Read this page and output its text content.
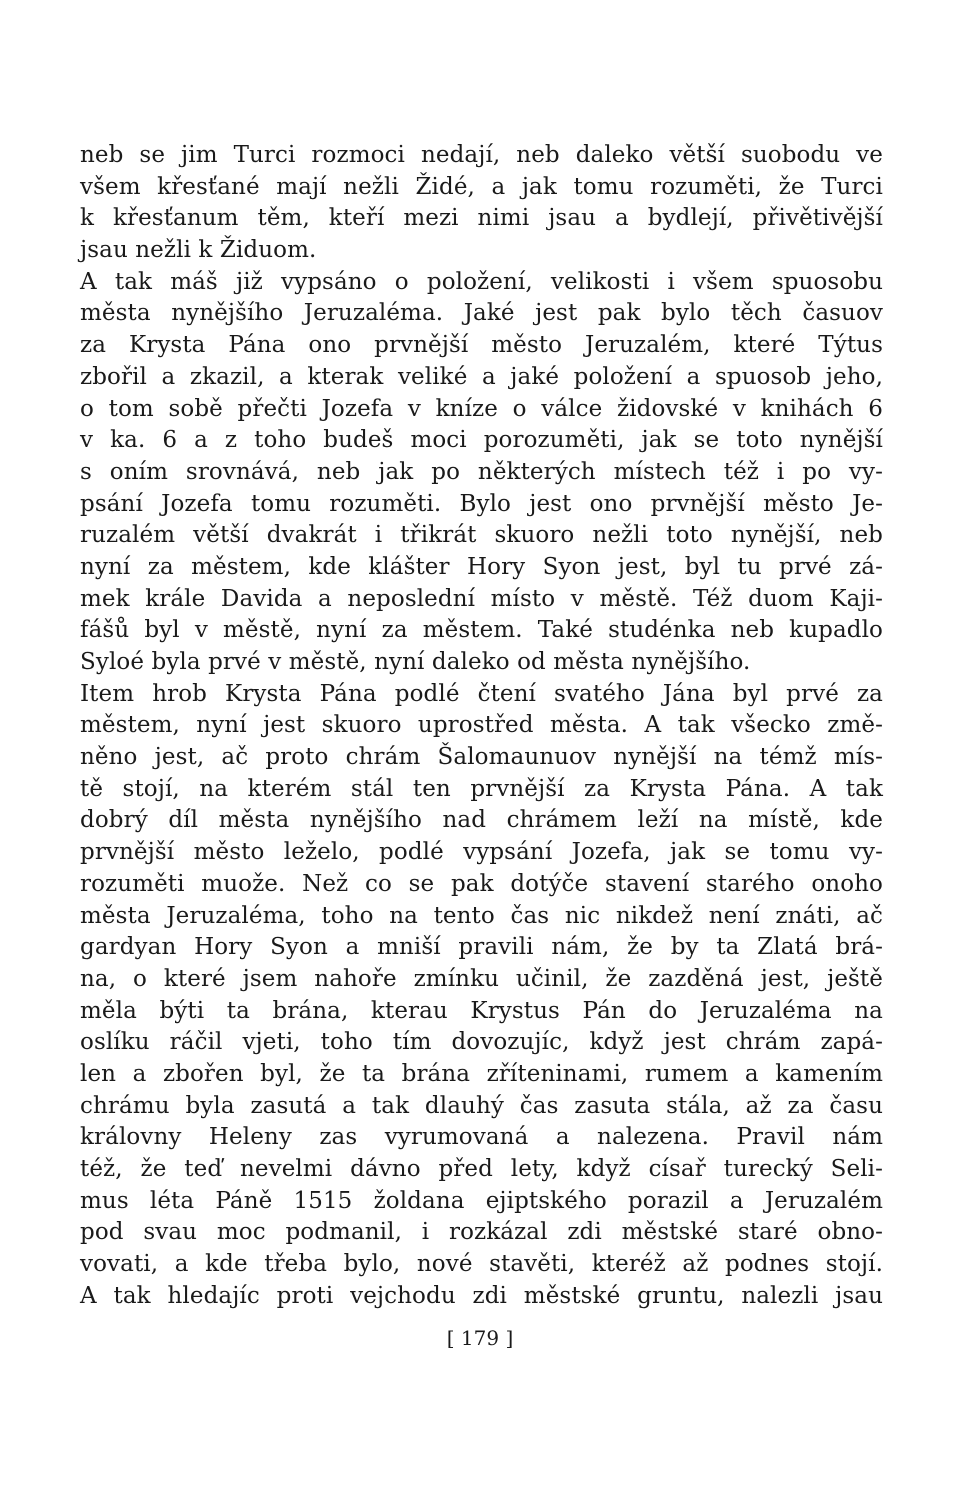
neb se jim Turci rozmoci nedají, neb daleko větší suobodu ve
všem křesťané mají nežli Židé, a jak tomu rozuměti, že Turci
k křesťanum těm, kteří mezi nimi jsau a bydlejí, přivětivější
jsau nežli k Židuom.
A tak máš již vypsáno o položení, velikosti i všem spuosobu
města nynějšího Jeruzaléma. Jaké jest pak bylo těch časuov
za Krysta Pána ono prvnější město Jeruzalém, které Týtus
zbořil a zkazil, a kterak veliké a jaké položení a spuosob jeho,
o tom sobě přečti Jozefa v kníze o válce židovské v knihách 6
v ka. 6 a z toho budeš moci porozuměti, jak se toto nynější
s oním srovnává, neb jak po některých místech též i po vy-
psání Jozefa tomu rozuměti. Bylo jest ono prvnější město Je-
ruzalém větší dvakrát i třikrát skuoro nežli toto nynější, neb
nyní za městem, kde klášter Hory Syon jest, byl tu prvé zá-
mek krále Davida a neposlední místo v městě. Též duom Kaji-
fášů byl v městě, nyní za městem. Také studénka neb kupadlo
Syloé byla prvé v městě, nyní daleko od města nynějšího.
Item hrob Krysta Pána podlé čtení svatého Jána byl prvé za
městem, nyní jest skuoro uprostřed města. A tak všecko změ-
něno jest, ač proto chrám Šalomaunuov nynější na témž mís-
tě stojí, na kterém stál ten prvnější za Krysta Pána. A tak
dobrý díl města nynějšího nad chrámem leží na místě, kde
prvnější město leželo, podlé vypsání Jozefa, jak se tomu vy-
rozuměti muože. Než co se pak dotýče stavení starého onoho
města Jeruzaléma, toho na tento čas nic nikdež není znáti, ač
gardyan Hory Syon a mniší pravili nám, že by ta Zlatá brá-
na, o které jsem nahoře zmínku učinil, že zazděná jest, ještě
měla býti ta brána, kterau Krystus Pán do Jeruzaléma na
oslíku ráčil vjeti, toho tím dovozujíc, když jest chrám zapá-
len a zbořen byl, že ta brána zříteninami, rumem a kamením
chrámu byla zasutá a tak dlauhý čas zasuta stála, až za času
královny Heleny zas vyrumovaná a nalezena. Pravil nám
též, že teď nevelmi dávno před lety, když císař turecký Seli-
mus léta Páně 1515 žoldana ejiptského porazil a Jeruzalém
pod svau moc podmanil, i rozkázal zdi městské staré obno-
vovati, a kde třeba bylo, nové stavěti, kteréž až podnes stojí.
A tak hledajíc proti vejchodu zdi městské gruntu, nalezli jsau
[ 179 ]
